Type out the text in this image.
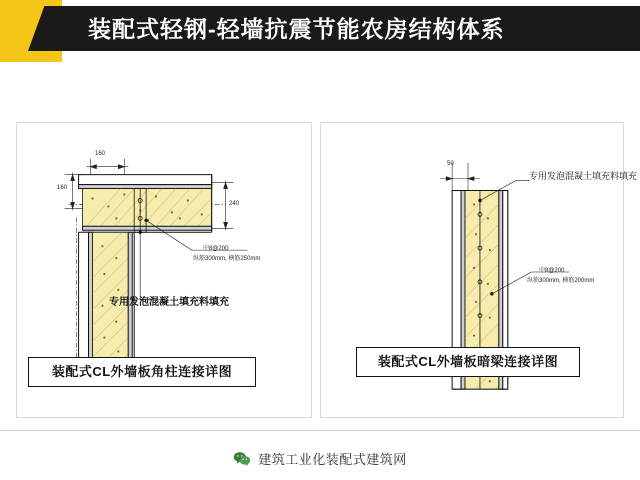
装配式轻钢-轻墙抗震节能农房结构体系
160
160
240
中8@200
纵筋300mm, 横筋250mm
专用发泡混凝土填充料填充
装配式CL外墙板角柱连接详图
50
专用发泡混凝土填充料填充
中8@200
纵筋300mm, 横筋200mm
装配式CL外墙板暗梁连接详图
建筑工业化装配式建筑网
